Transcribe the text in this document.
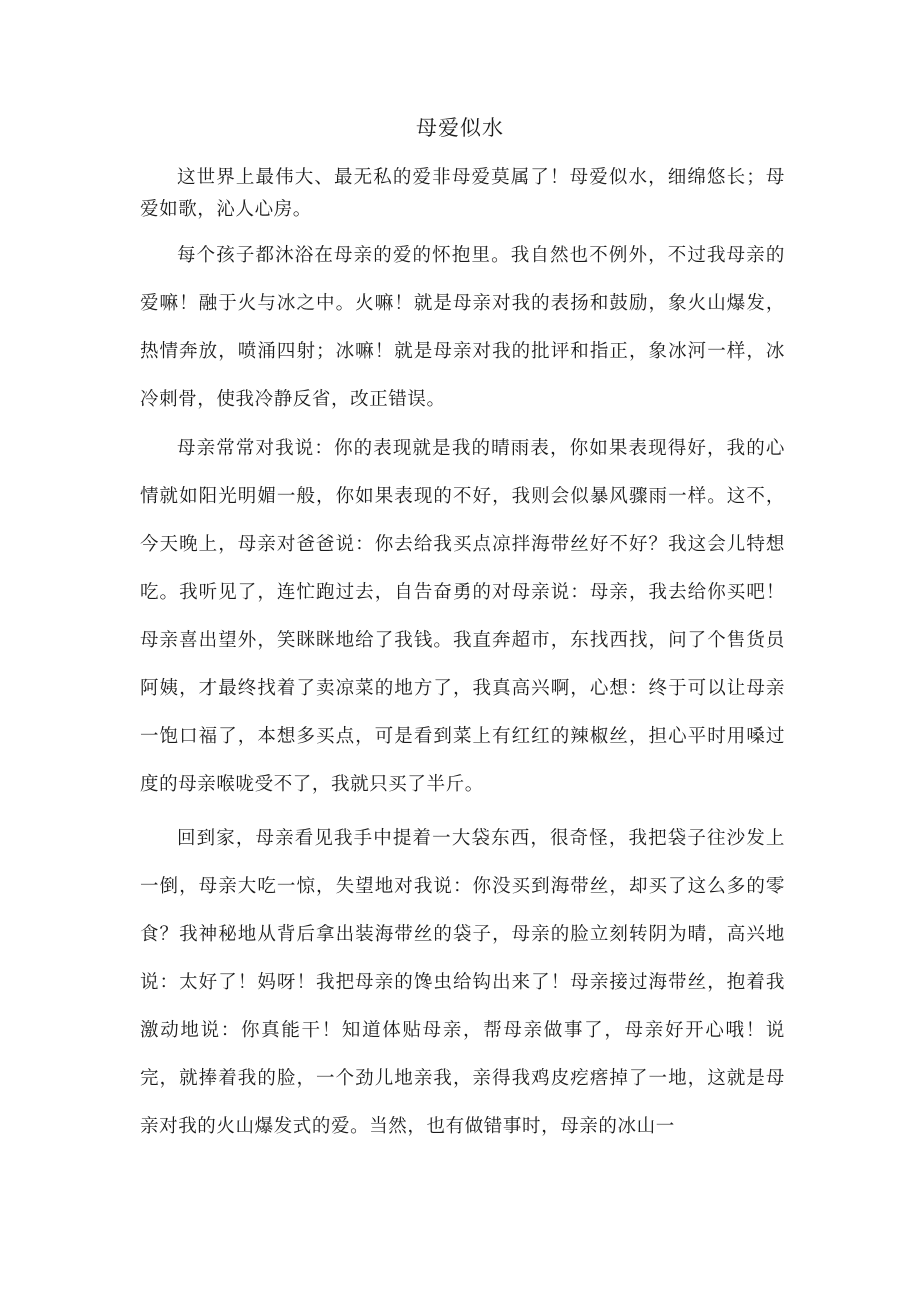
母爱似水

这世界上最伟大、最无私的爱非母爱莫属了！母爱似水，细绵悠长；母爱如歌，沁人心房。

每个孩子都沐浴在母亲的爱的怀抱里。我自然也不例外，不过我母亲的爱嘛！融于火与冰之中。火嘛！就是母亲对我的表扬和鼓励，象火山爆发，热情奔放，喷涌四射；冰嘛！就是母亲对我的批评和指正，象冰河一样，冰冷刺骨，使我冷静反省，改正错误。

母亲常常对我说：你的表现就是我的晴雨表，你如果表现得好，我的心情就如阳光明媚一般，你如果表现的不好，我则会似暴风骤雨一样。这不，今天晚上，母亲对爸爸说：你去给我买点凉拌海带丝好不好？我这会儿特想吃。我听见了，连忙跑过去，自告奋勇的对母亲说：母亲，我去给你买吧！母亲喜出望外，笑眯眯地给了我钱。我直奔超市，东找西找，问了个售货员阿姨，才最终找着了卖凉菜的地方了，我真高兴啊，心想：终于可以让母亲一饱口福了，本想多买点，可是看到菜上有红红的辣椒丝，担心平时用嗓过度的母亲喉咙受不了，我就只买了半斤。

回到家，母亲看见我手中提着一大袋东西，很奇怪，我把袋子往沙发上一倒，母亲大吃一惊，失望地对我说：你没买到海带丝，却买了这么多的零食？我神秘地从背后拿出装海带丝的袋子，母亲的脸立刻转阴为晴，高兴地说：太好了！妈呀！我把母亲的馋虫给钩出来了！母亲接过海带丝，抱着我激动地说：你真能干！知道体贴母亲，帮母亲做事了，母亲好开心哦！说完，就捧着我的脸，一个劲儿地亲我，亲得我鸡皮疙瘩掉了一地，这就是母亲对我的火山爆发式的爱。当然，也有做错事时，母亲的冰山一
